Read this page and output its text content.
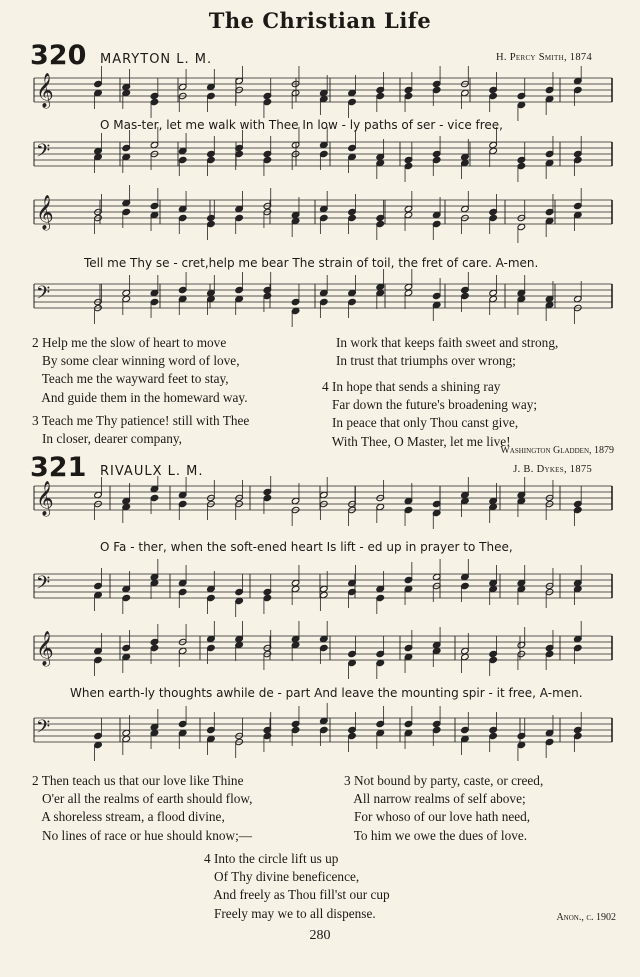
The Christian Life
320 MARYTON L. M.	H. Percy Smith, 1874
𝄞
𝄢
𝄞
𝄢
O Mas-ter, let me walk with Thee In low - ly paths of ser - vice free,
Tell me Thy se - cret,help me bear The strain of toil, the fret of care. A-men.
2 Help me the slow of heart to move
By some clear winning word of love,
Teach me the wayward feet to stay,
And guide them in the homeward way.
3 Teach me Thy patience! still with Thee
In closer, dearer company,
In work that keeps faith sweet and strong,
In trust that triumphs over wrong;
4 In hope that sends a shining ray
Far down the future's broadening way;
In peace that only Thou canst give,
With Thee, O Master, let me live!
Washington Gladden, 1879
321 RIVAULX L. M.	J. B. Dykes, 1875
𝄞
𝄢
𝄞
𝄢
O Fa - ther, when the soft-ened heart Is lift - ed up in prayer to Thee,
When earth-ly thoughts awhile de - part And leave the mounting spir - it free, A-men.
2 Then teach us that our love like Thine
O'er all the realms of earth should flow,
A shoreless stream, a flood divine,
No lines of race or hue should know;—
3 Not bound by party, caste, or creed,
All narrow realms of self above;
For whoso of our love hath need,
To him we owe the dues of love.
4 Into the circle lift us up
Of Thy divine beneficence,
And freely as Thou fill'st our cup
Freely may we to all dispense.	Anon., c. 1902
280
